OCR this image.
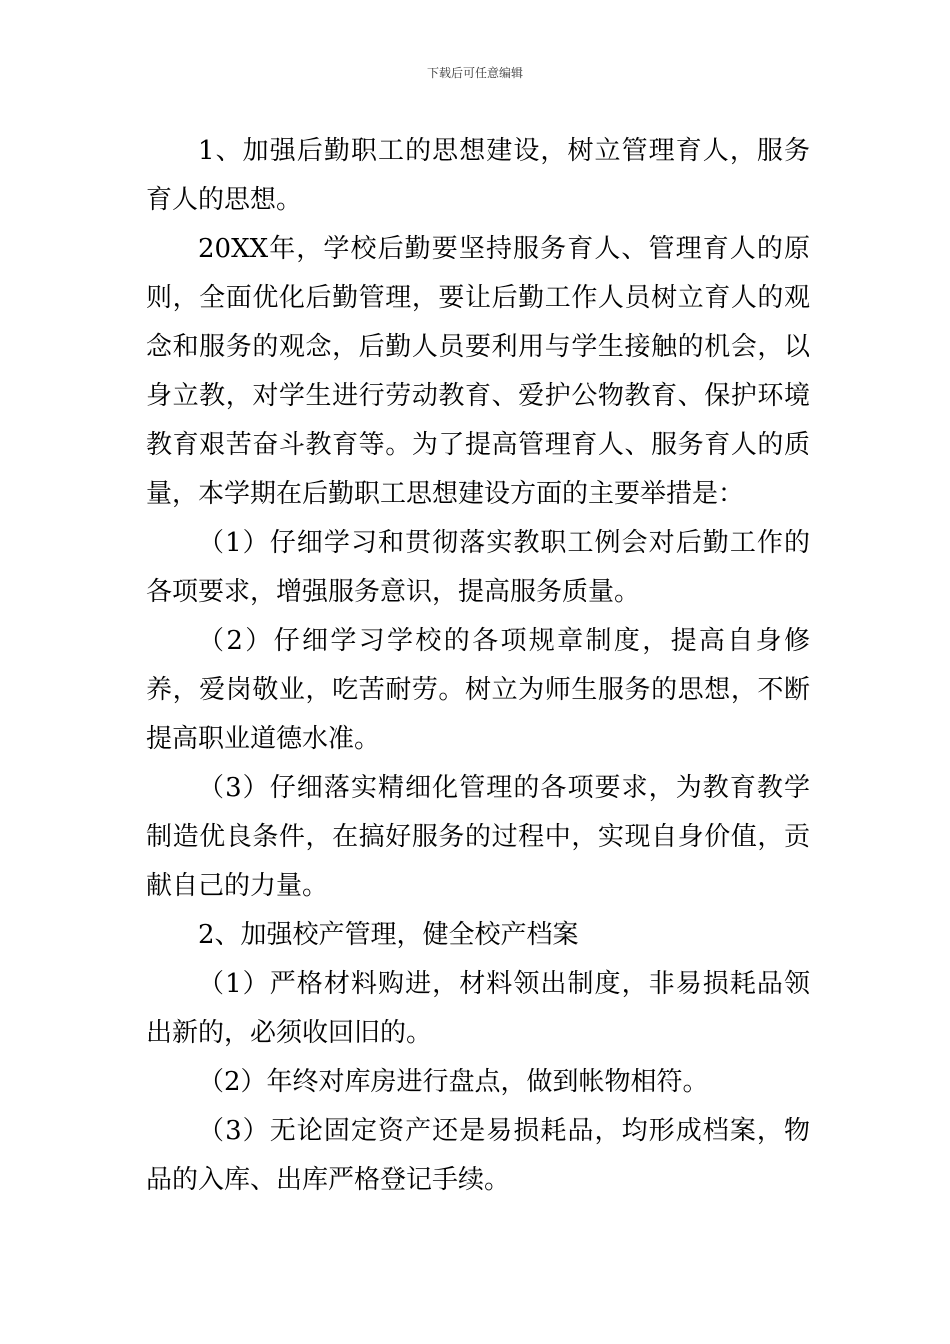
下载后可任意编辑

1、加强后勤职工的思想建设，树立管理育人，服务育人的思想。

20XX年，学校后勤要坚持服务育人、管理育人的原则，全面优化后勤管理，要让后勤工作人员树立育人的观念和服务的观念，后勤人员要利用与学生接触的机会，以身立教，对学生进行劳动教育、爱护公物教育、保护环境教育艰苦奋斗教育等。为了提高管理育人、服务育人的质量，本学期在后勤职工思想建设方面的主要举措是：

（1）仔细学习和贯彻落实教职工例会对后勤工作的各项要求，增强服务意识，提高服务质量。

（2）仔细学习学校的各项规章制度，提高自身修养，爱岗敬业，吃苦耐劳。树立为师生服务的思想，不断提高职业道德水准。

（3）仔细落实精细化管理的各项要求，为教育教学制造优良条件，在搞好服务的过程中，实现自身价值，贡献自己的力量。

2、加强校产管理，健全校产档案

（1）严格材料购进，材料领出制度，非易损耗品领出新的，必须收回旧的。

（2）年终对库房进行盘点，做到帐物相符。

（3）无论固定资产还是易损耗品，均形成档案，物品的入库、出库严格登记手续。
